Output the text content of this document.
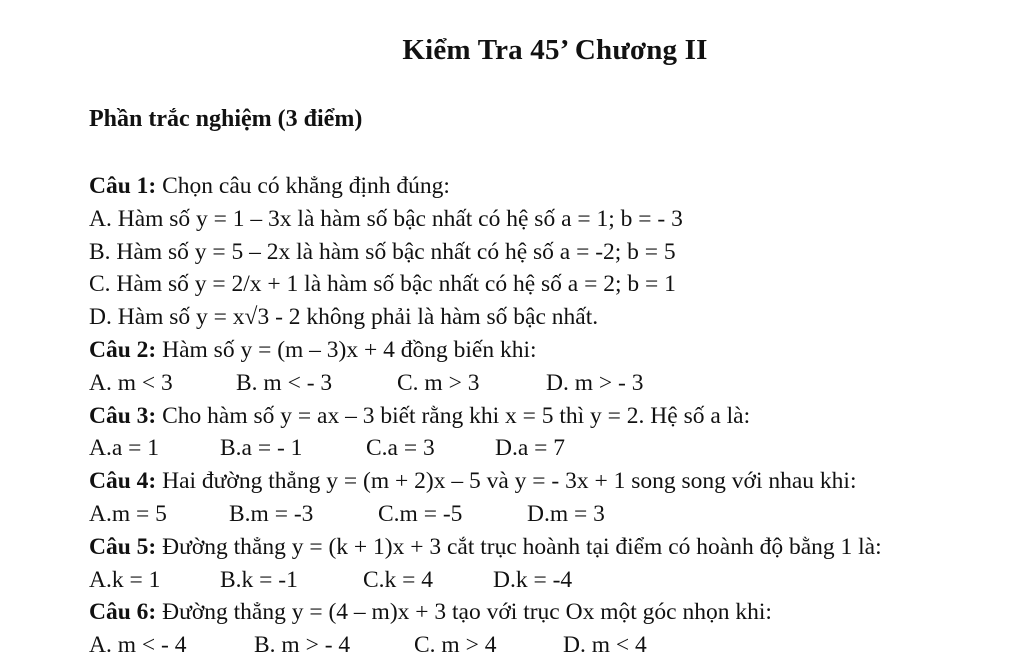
Kiểm Tra 45’ Chương II
Phần trắc nghiệm (3 điểm)
Câu 1: Chọn câu có khẳng định đúng:
A. Hàm số y = 1 – 3x là hàm số bậc nhất có hệ số a = 1; b = - 3
B. Hàm số y = 5 – 2x là hàm số bậc nhất có hệ số a = -2; b = 5
C. Hàm số y = 2/x + 1 là hàm số bậc nhất có hệ số a = 2; b = 1
D. Hàm số y = x√3 - 2 không phải là hàm số bậc nhất.
Câu 2: Hàm số y = (m – 3)x + 4 đồng biến khi:
A. m < 3	B. m < - 3	C. m > 3	D. m > - 3
Câu 3: Cho hàm số y = ax – 3 biết rằng khi x = 5 thì y = 2. Hệ số a là:
A.a = 1	B.a = - 1	C.a = 3	D.a = 7
Câu 4: Hai đường thẳng y = (m + 2)x – 5 và y = - 3x + 1 song song với nhau khi:
A.m = 5	B.m = -3	C.m = -5	D.m = 3
Câu 5: Đường thẳng y = (k + 1)x + 3 cắt trục hoành tại điểm có hoành độ bằng 1 là:
A.k = 1	B.k = -1	C.k = 4	D.k = -4
Câu 6: Đường thẳng y = (4 – m)x + 3 tạo với trục Ox một góc nhọn khi:
A. m < - 4	B. m > - 4	C. m > 4	D. m < 4
